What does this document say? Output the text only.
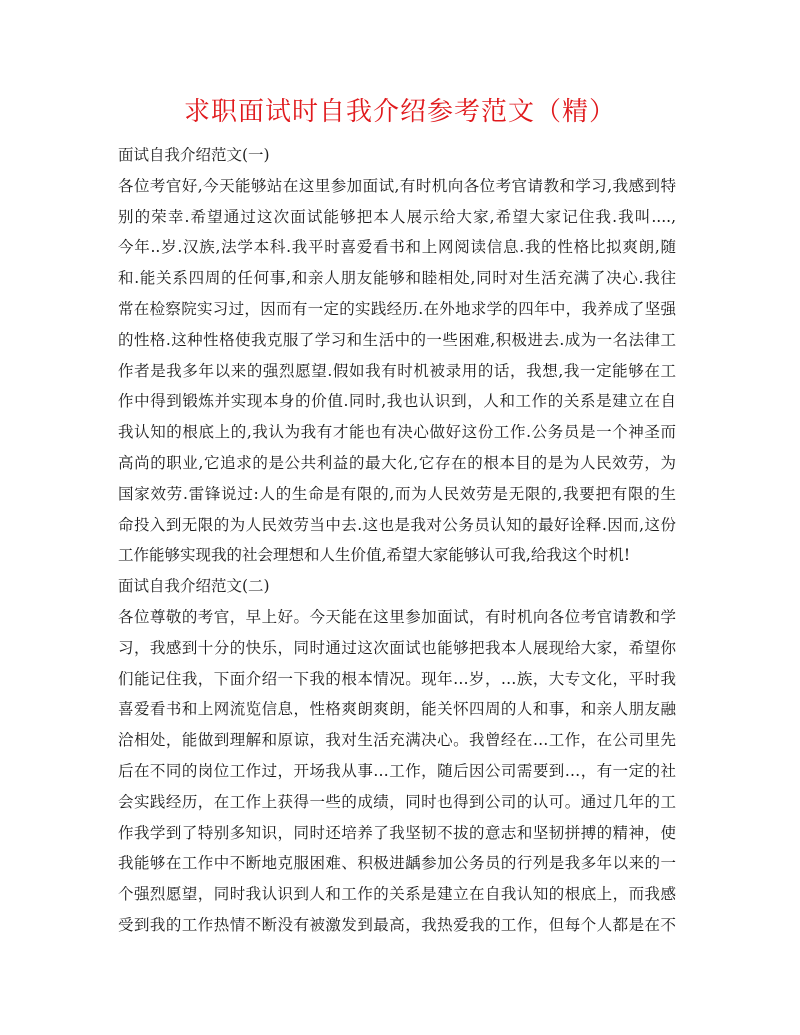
求职面试时自我介绍参考范文（精）
面试自我介绍范文(一)
各位考官好,今天能够站在这里参加面试,有时机向各位考官请教和学习,我感到特
别的荣幸.希望通过这次面试能够把本人展示给大家,希望大家记住我.我叫....,
今年..岁.汉族,法学本科.我平时喜爱看书和上网阅读信息.我的性格比拟爽朗,随
和.能关系四周的任何事,和亲人朋友能够和睦相处,同时对生活充满了决心.我往
常在检察院实习过，因而有一定的实践经历.在外地求学的四年中，我养成了坚强
的性格.这种性格使我克服了学习和生活中的一些困难,积极进去.成为一名法律工
作者是我多年以来的强烈愿望.假如我有时机被录用的话，我想,我一定能够在工
作中得到锻炼并实现本身的价值.同时,我也认识到，人和工作的关系是建立在自
我认知的根底上的,我认为我有才能也有决心做好这份工作.公务员是一个神圣而
高尚的职业,它追求的是公共利益的最大化,它存在的根本目的是为人民效劳，为
国家效劳.雷锋说过:人的生命是有限的,而为人民效劳是无限的,我要把有限的生
命投入到无限的为人民效劳当中去.这也是我对公务员认知的最好诠释.因而,这份
工作能够实现我的社会理想和人生价值,希望大家能够认可我,给我这个时机!
面试自我介绍范文(二)
各位尊敬的考官，早上好。今天能在这里参加面试，有时机向各位考官请教和学
习，我感到十分的快乐，同时通过这次面试也能够把我本人展现给大家，希望你
们能记住我，下面介绍一下我的根本情况。现年…岁，…族，大专文化，平时我
喜爱看书和上网流览信息，性格爽朗爽朗，能关怀四周的人和事，和亲人朋友融
洽相处，能做到理解和原谅，我对生活充满决心。我曾经在…工作，在公司里先
后在不同的岗位工作过，开场我从事…工作，随后因公司需要到…，有一定的社
会实践经历，在工作上获得一些的成绩，同时也得到公司的认可。通过几年的工
作我学到了特别多知识，同时还培养了我坚韧不拔的意志和坚韧拼搏的精神，使
我能够在工作中不断地克服困难、积极进龋参加公务员的行列是我多年以来的一
个强烈愿望，同时我认识到人和工作的关系是建立在自我认知的根底上，而我感
受到我的工作热情不断没有被激发到最高，我热爱我的工作，但每个人都是在不
